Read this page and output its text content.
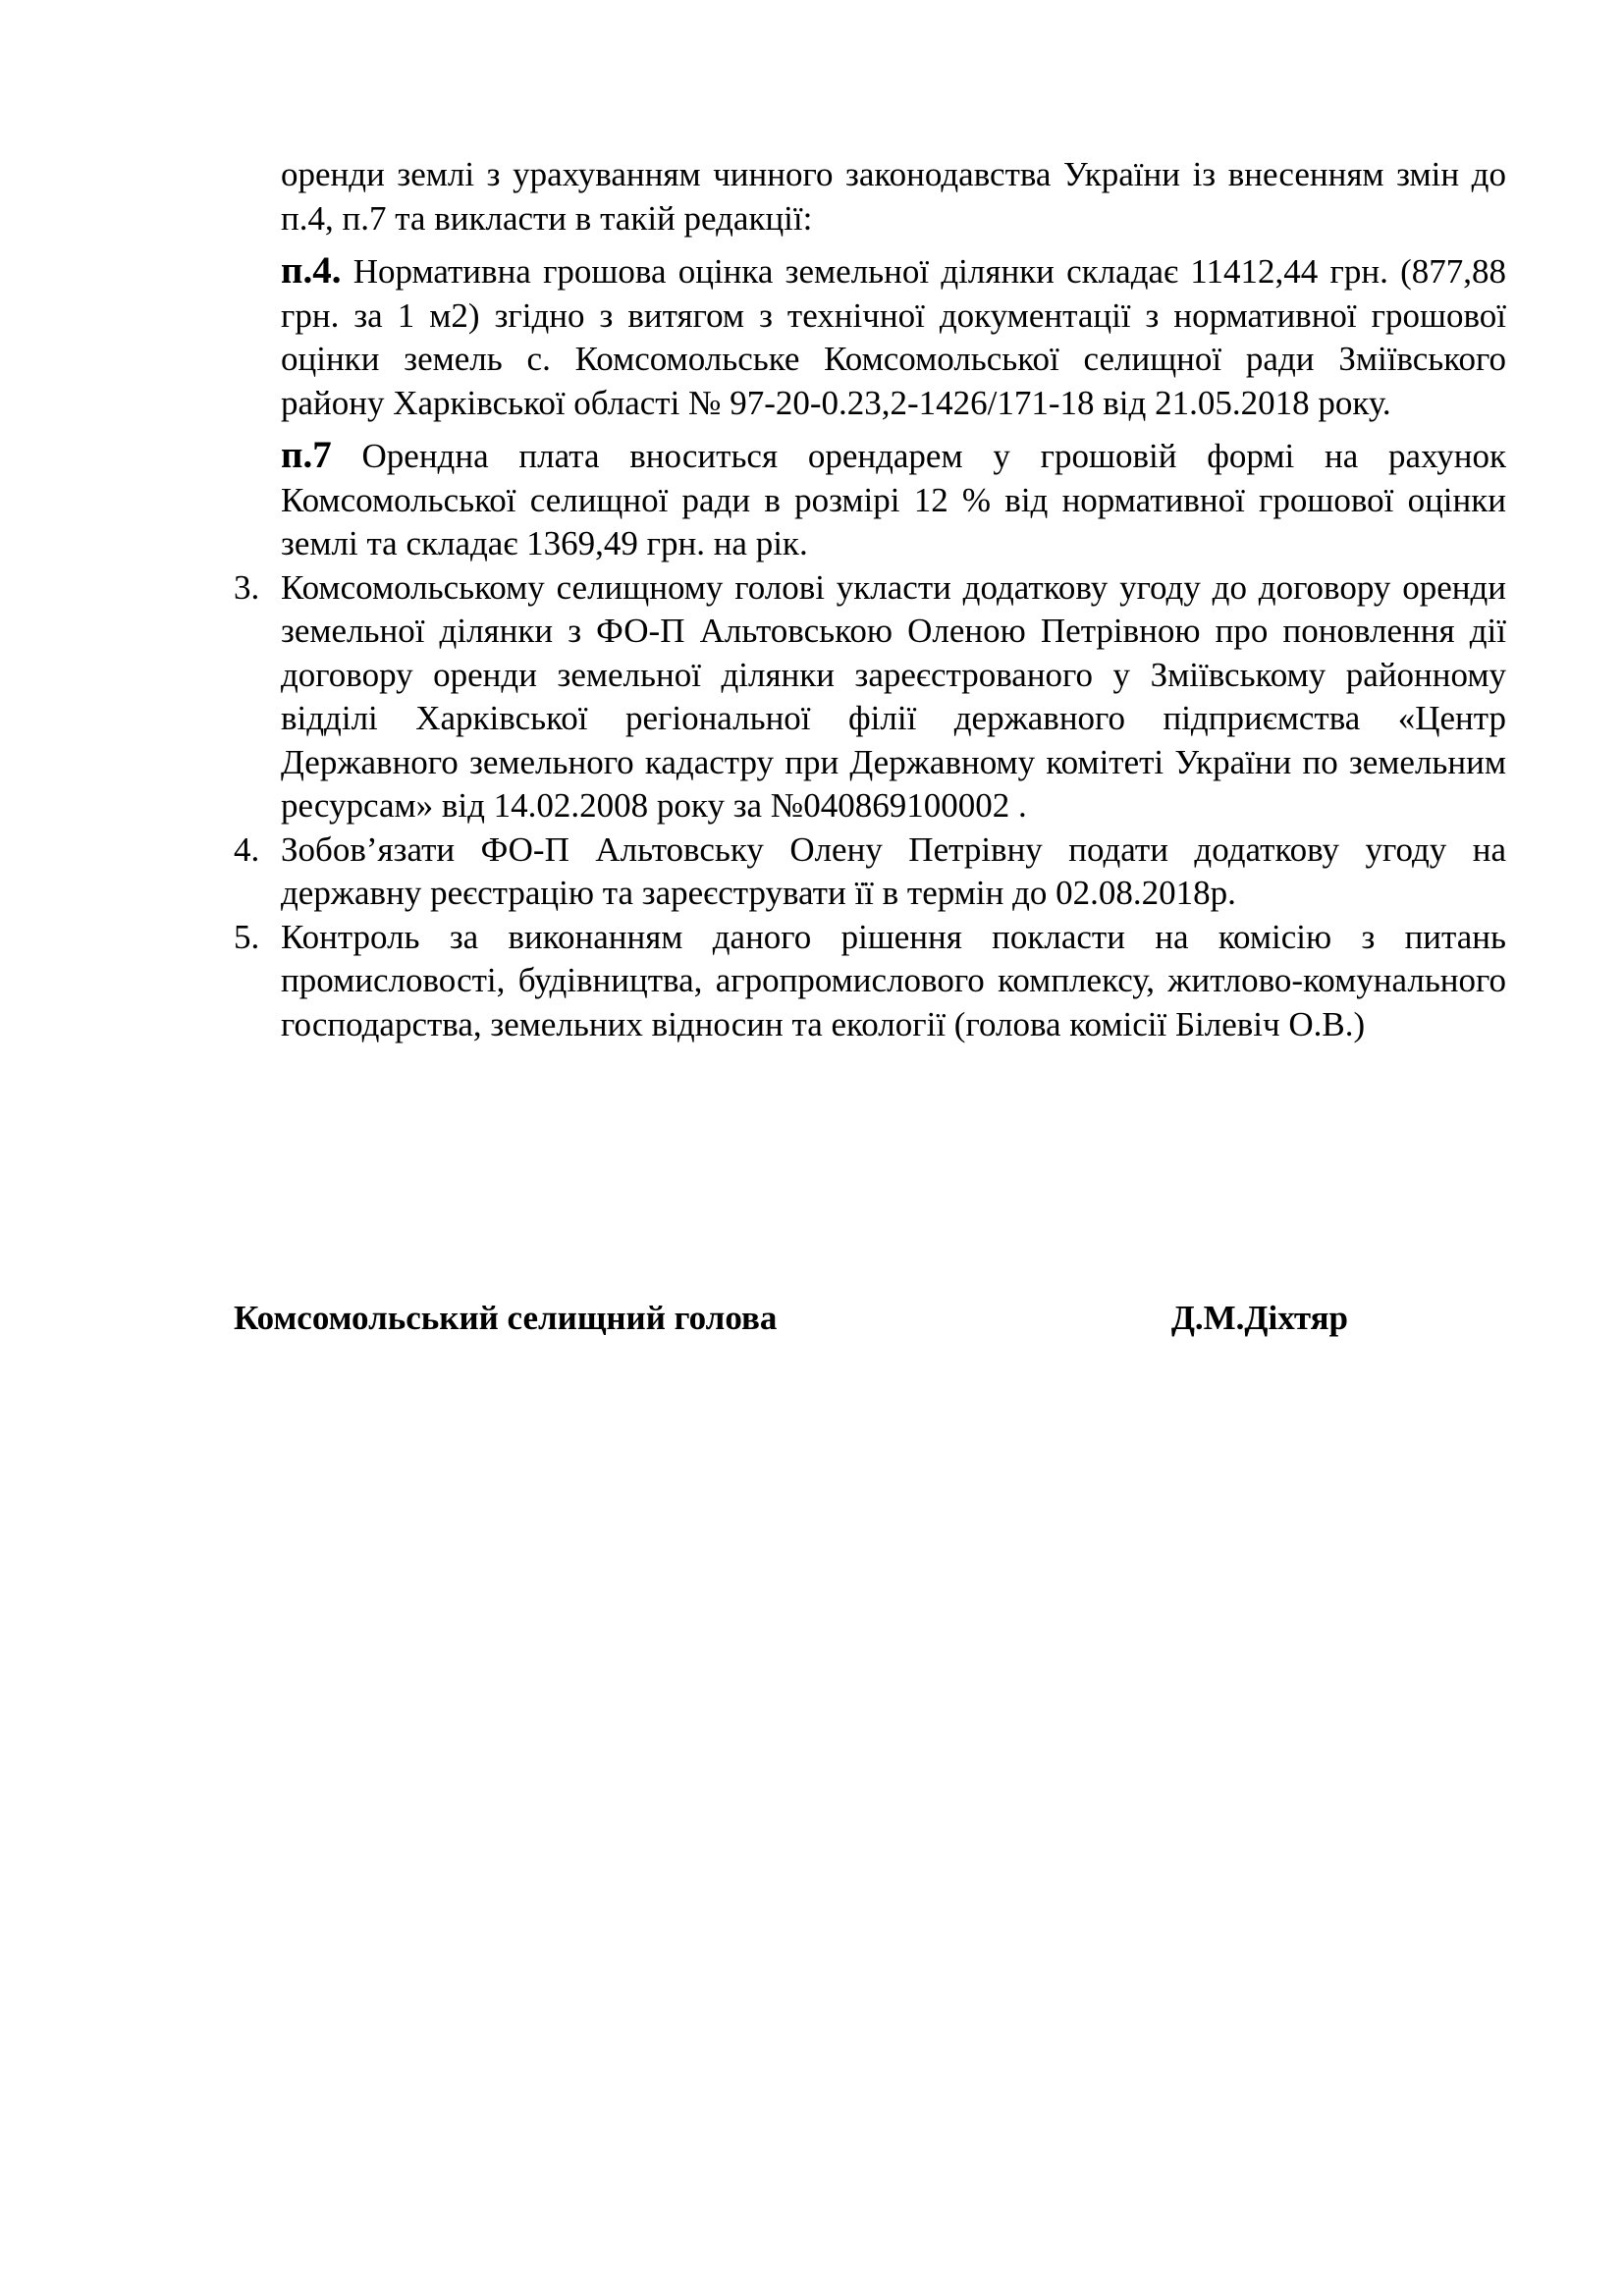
оренди землі з урахуванням чинного законодавства України із внесенням змін до п.4, п.7 та викласти в такій редакції:

п.4. Нормативна грошова оцінка земельної ділянки складає 11412,44 грн. (877,88 грн. за 1 м2) згідно з витягом з технічної документації з нормативної грошової оцінки земель с. Комсомольське Комсомольської селищної ради Зміївського району Харківської області № 97-20-0.23,2-1426/171-18 від 21.05.2018 року.

п.7 Орендна плата вноситься орендарем у грошовій формі на рахунок Комсомольської селищної ради в розмірі 12 % від нормативної грошової оцінки землі та складає 1369,49 грн. на рік.

3. Комсомольському селищному голові укласти додаткову угоду до договору оренди земельної ділянки з ФО-П Альтовською Оленою Петрівною про поновлення дії договору оренди земельної ділянки зареєстрованого у Зміївському районному відділі Харківської регіональної філії державного підприємства «Центр Державного земельного кадастру при Державному комітеті України по земельним ресурсам» від 14.02.2008 року за №040869100002 .
4. Зобов’язати ФО-П Альтовську Олену Петрівну подати додаткову угоду на державну реєстрацію та зареєструвати її в термін до 02.08.2018р.
5. Контроль за виконанням даного рішення покласти на комісію з питань промисловості, будівництва, агропромислового комплексу, житлово-комунального господарства, земельних відносин та екології (голова комісії Білевіч О.В.)
Комсомольський селищний голова	Д.М.Діхтяр
